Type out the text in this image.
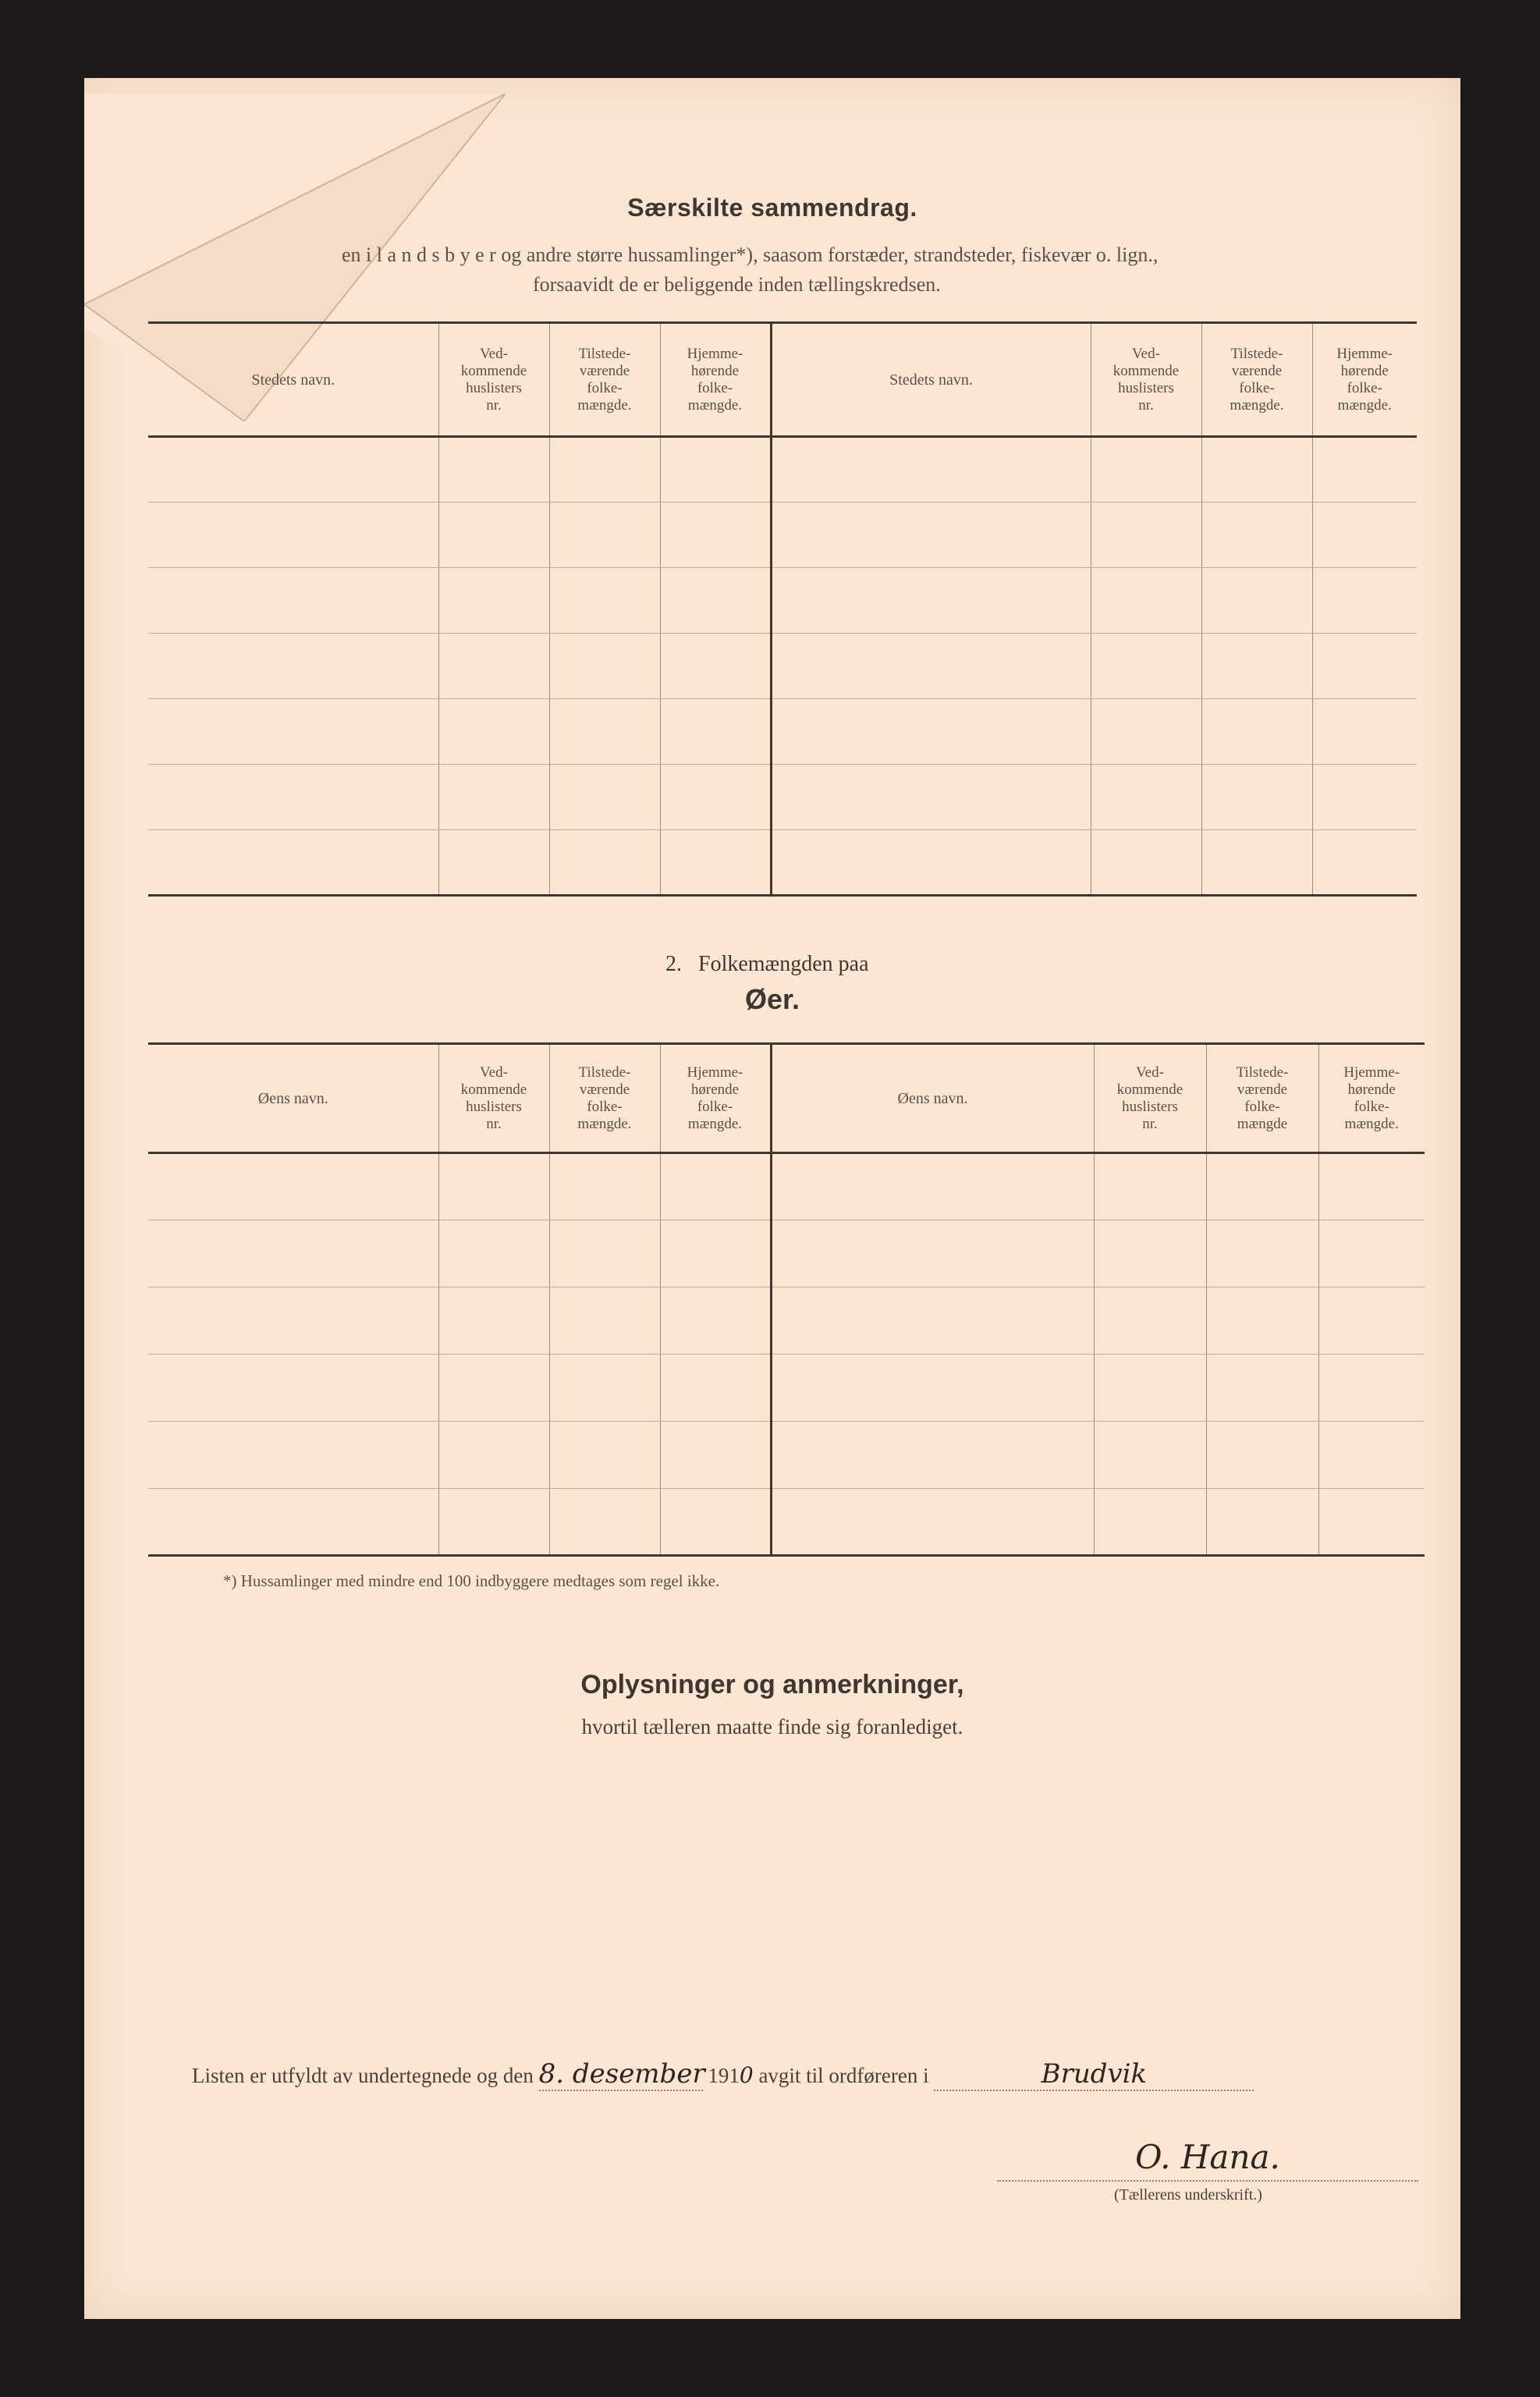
Særskilte sammendrag.
en i l a n d s b y e r og andre større hussamlinger*), saasom forstæder, strandsteder, fiskevær o. lign.,
forsaavidt de er beliggende inden tællingskredsen.
Stedets navn.	Ved-
kommende
huslisters
nr.	Tilstede-
værende
folke-
mængde.	Hjemme-
hørende
folke-
mængde.	Stedets navn.	Ved-
kommende
huslisters
nr.	Tilstede-
værende
folke-
mængde.	Hjemme-
hørende
folke-
mængde.

2. Folkemængden paa
Øer.
Øens navn.	Ved-
kommende
huslisters
nr.	Tilstede-
værende
folke-
mængde.	Hjemme-
hørende
folke-
mængde.	Øens navn.	Ved-
kommende
huslisters
nr.	Tilstede-
værende
folke-
mængde	Hjemme-
hørende
folke-
mængde.

*) Hussamlinger med mindre end 100 indbyggere medtages som regel ikke.
Oplysninger og anmerkninger,
hvortil tælleren maatte finde sig foranlediget.
Listen er utfyldt av undertegnede og den 8. desember 1910 avgit til ordføreren i	Brudvik
O. Hana.
(Tællerens underskrift.)
